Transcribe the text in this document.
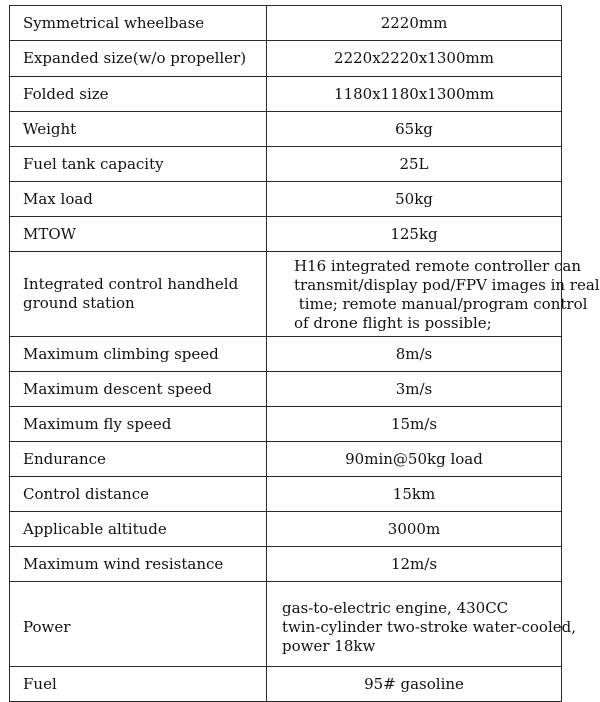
Symmetrical wheelbase	2220mm
Expanded size(w/o propeller)	2220x2220x1300mm
Folded size	1180x1180x1300mm
Weight	65kg
Fuel tank capacity	25L
Max load	50kg
MTOW	125kg

Integrated control handheld
ground station	H16 integrated remote controller can
transmit/display pod/FPV images in real
time; remote manual/program control
of drone flight is possible;

Maximum climbing speed	8m/s
Maximum descent speed	3m/s
Maximum fly speed	15m/s
Endurance	90min@50kg load
Control distance	15km
Applicable altitude	3000m
Maximum wind resistance	12m/s
Power	gas-to-electric engine, 430CC
twin-cylinder two-stroke water-cooled,
power 18kw

Fuel	95# gasoline
